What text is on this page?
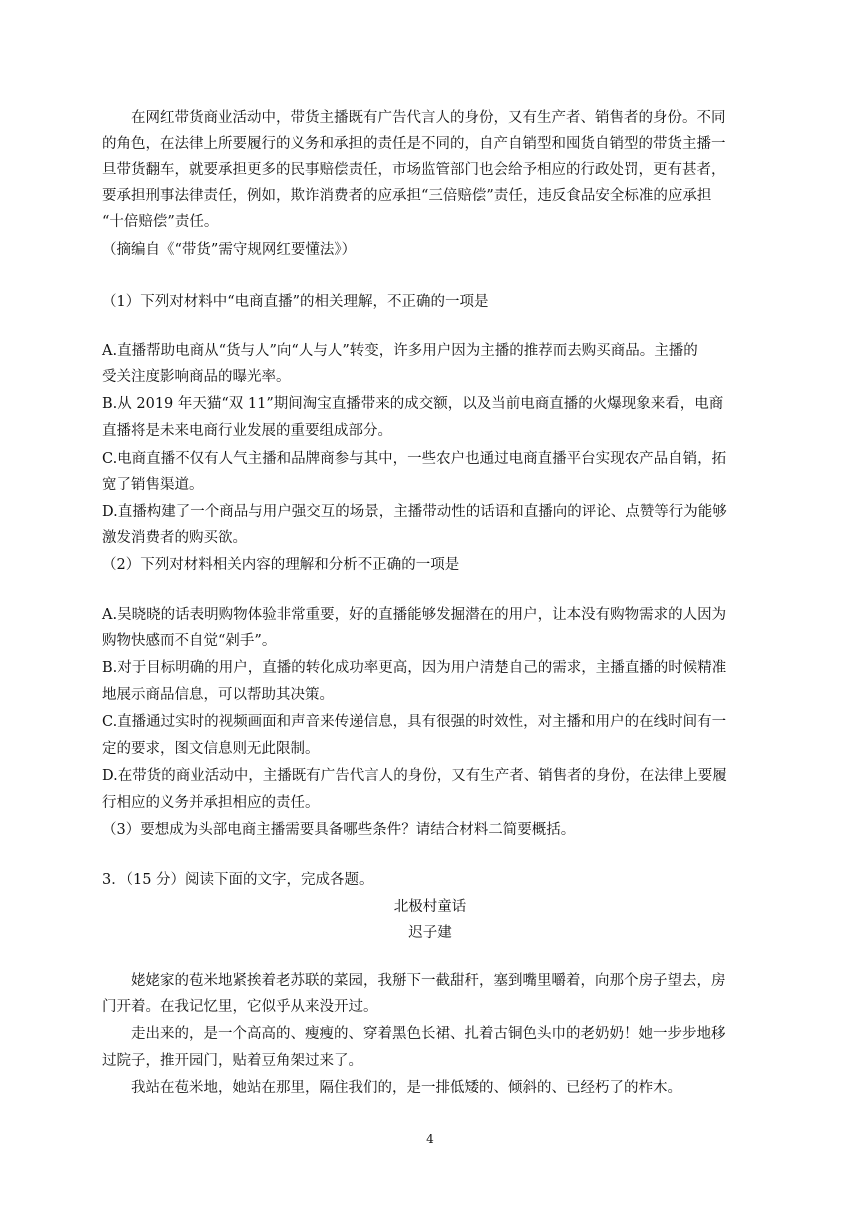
在网红带货商业活动中，带货主播既有广告代言人的身份，又有生产者、销售者的身份。不同
的角色，在法律上所要履行的义务和承担的责任是不同的，自产自销型和囤货自销型的带货主播一
旦带货翻车，就要承担更多的民事赔偿责任，市场监管部门也会给予相应的行政处罚，更有甚者，
要承担刑事法律责任，例如，欺诈消费者的应承担“三倍赔偿”责任，违反食品安全标准的应承担
“十倍赔偿”责任。
（摘编自《“带货”需守规网红要懂法》）
（1）下列对材料中“电商直播”的相关理解，不正确的一项是
A.直播帮助电商从“货与人”向“人与人”转变，许多用户因为主播的推荐而去购买商品。主播的
受关注度影响商品的曝光率。
B.从 2019 年天猫“双 11”期间淘宝直播带来的成交额，以及当前电商直播的火爆现象来看，电商
直播将是未来电商行业发展的重要组成部分。
C.电商直播不仅有人气主播和品牌商参与其中，一些农户也通过电商直播平台实现农产品自销，拓
宽了销售渠道。
D.直播构建了一个商品与用户强交互的场景，主播带动性的话语和直播向的评论、点赞等行为能够
激发消费者的购买欲。
（2）下列对材料相关内容的理解和分析不正确的一项是
A.吴晓晓的话表明购物体验非常重要，好的直播能够发掘潜在的用户，让本没有购物需求的人因为
购物快感而不自觉“剁手”。
B.对于目标明确的用户，直播的转化成功率更高，因为用户清楚自己的需求，主播直播的时候精准
地展示商品信息，可以帮助其决策。
C.直播通过实时的视频画面和声音来传递信息，具有很强的时效性，对主播和用户的在线时间有一
定的要求，图文信息则无此限制。
D.在带货的商业活动中，主播既有广告代言人的身份，又有生产者、销售者的身份，在法律上要履
行相应的义务并承担相应的责任。
（3）要想成为头部电商主播需要具备哪些条件？请结合材料二简要概括。
3．（15 分）阅读下面的文字，完成各题。
北极村童话
迟子建
姥姥家的苞米地紧挨着老苏联的菜园，我掰下一截甜秆，塞到嘴里嚼着，向那个房子望去，房
门开着。在我记忆里，它似乎从来没开过。
走出来的，是一个高高的、瘦瘦的、穿着黑色长裙、扎着古铜色头巾的老奶奶！她一步步地移
过院子，推开园门，贴着豆角架过来了。
我站在苞米地，她站在那里，隔住我们的，是一排低矮的、倾斜的、已经朽了的柞木。
4
